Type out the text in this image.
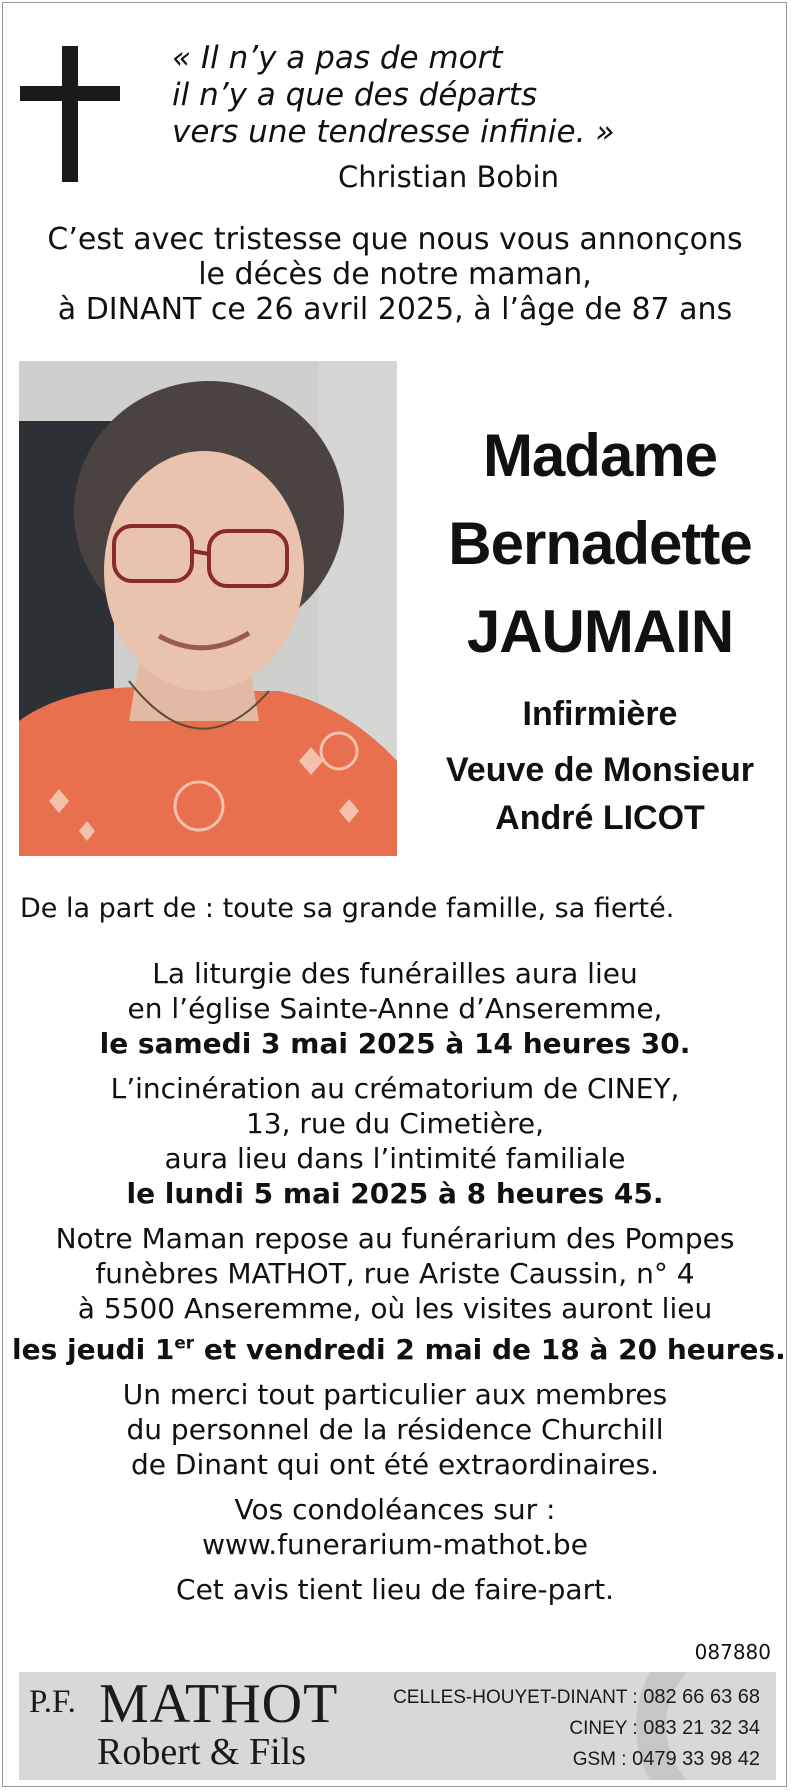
« Il n’y a pas de mort
il n’y a que des départs
vers une tendresse infinie. »
Christian Bobin
C’est avec tristesse que nous vous annonçons
le décès de notre maman,
à DINANT ce 26 avril 2025, à l’âge de 87 ans
Madame
Bernadette
JAUMAIN
Infirmière
Veuve de Monsieur
André LICOT
De la part de : toute sa grande famille, sa fierté.
La liturgie des funérailles aura lieu
en l’église Sainte-Anne d’Anseremme,
le samedi 3 mai 2025 à 14 heures 30.
L’incinération au crématorium de CINEY,
13, rue du Cimetière,
aura lieu dans l’intimité familiale
le lundi 5 mai 2025 à 8 heures 45.
Notre Maman repose au funérarium des Pompes
funèbres MATHOT, rue Ariste Caussin, n° 4
à 5500 Anseremme, où les visites auront lieu
les jeudi 1er et vendredi 2 mai de 18 à 20 heures.
Un merci tout particulier aux membres
du personnel de la résidence Churchill
de Dinant qui ont été extraordinaires.
Vos condoléances sur :
www.funerarium-mathot.be
Cet avis tient lieu de faire-part.
087880
P.F. MATHOT
Robert & Fils
CELLES-HOUYET-DINANT : 082 66 63 68
CINEY : 083 21 32 34
GSM : 0479 33 98 42
